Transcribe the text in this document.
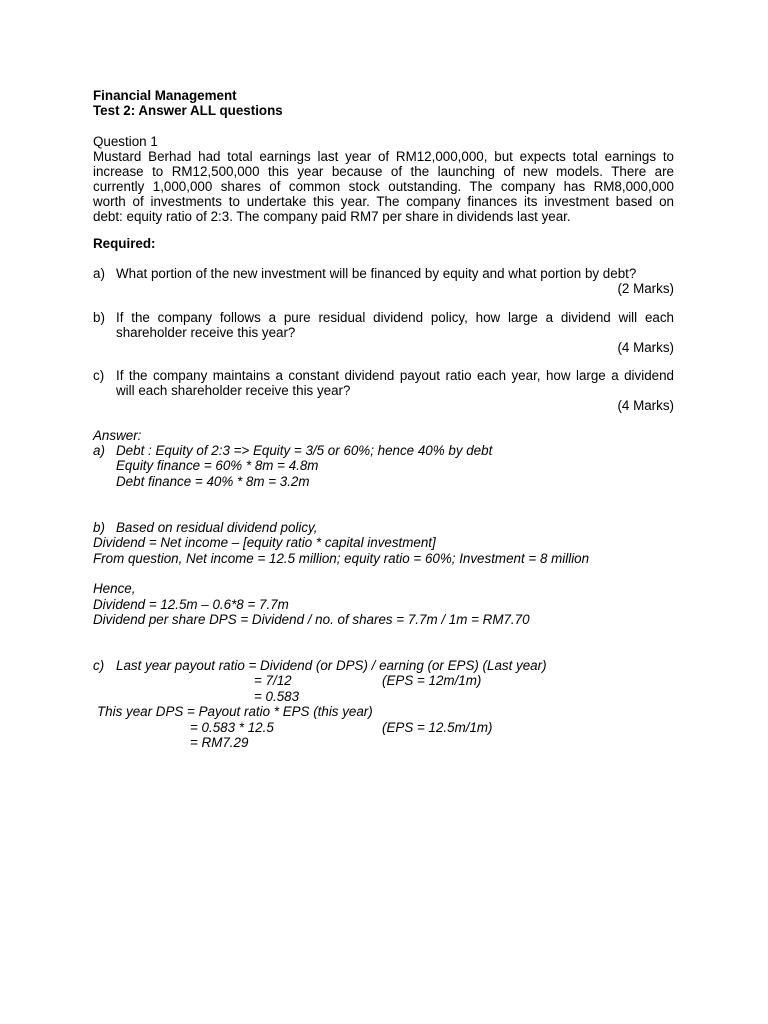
Financial Management
Test 2: Answer ALL questions
Question 1
Mustard Berhad had total earnings last year of RM12,000,000, but expects total earnings to
increase to RM12,500,000 this year because of the launching of new models. There are
currently 1,000,000 shares of common stock outstanding. The company has RM8,000,000
worth of investments to undertake this year. The company finances its investment based on
debt: equity ratio of 2:3. The company paid RM7 per share in dividends last year.
Required:
a) What portion of the new investment will be financed by equity and what portion by debt?
(2 Marks)
b) If the company follows a pure residual dividend policy, how large a dividend will each
shareholder receive this year?
(4 Marks)
c) If the company maintains a constant dividend payout ratio each year, how large a dividend
will each shareholder receive this year?
(4 Marks)
Answer:
a) Debt : Equity of 2:3 => Equity = 3/5 or 60%; hence 40% by debt
Equity finance = 60% * 8m = 4.8m
Debt finance = 40% * 8m = 3.2m
b) Based on residual dividend policy,
Dividend = Net income – [equity ratio * capital investment]
From question, Net income = 12.5 million; equity ratio = 60%; Investment = 8 million
Hence,
Dividend = 12.5m – 0.6*8 = 7.7m
Dividend per share DPS = Dividend / no. of shares = 7.7m / 1m = RM7.70
c) Last year payout ratio = Dividend (or DPS) / earning (or EPS) (Last year)
= 7/12	(EPS = 12m/1m)
= 0.583
This year DPS = Payout ratio * EPS (this year)
= 0.583 * 12.5	(EPS = 12.5m/1m)
= RM7.29
